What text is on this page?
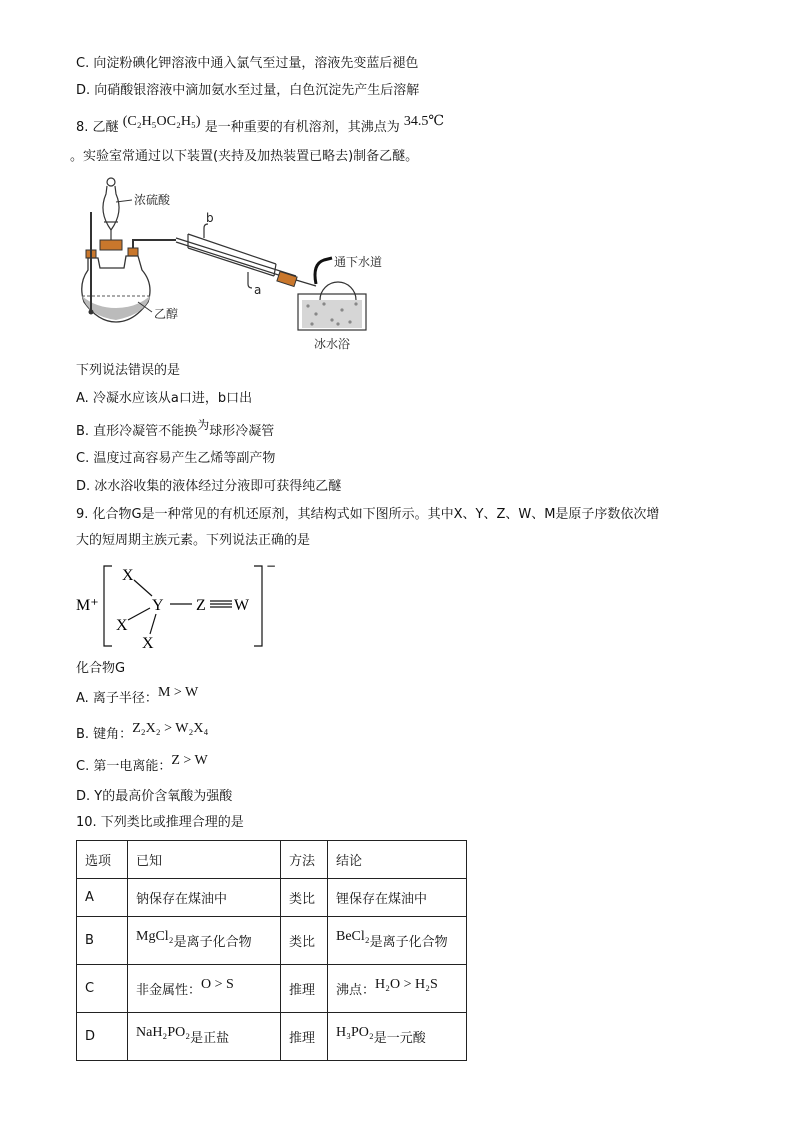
C. 向淀粉碘化钾溶液中通入氯气至过量，溶液先变蓝后褪色
D. 向硝酸银溶液中滴加氨水至过量，白色沉淀先产生后溶解
8. 乙醚 (C₂H₅OC₂H₅) 是一种重要的有机溶剂，其沸点为 34.5℃
。实验室常通过以下装置(夹持及加热装置已略去)制备乙醚。
浓硫酸
b
a
通下水道
乙醇
冰水浴
下列说法错误的是
A. 冷凝水应该从a口进，b口出
B. 直形冷凝管不能换为球形冷凝管
C. 温度过高容易产生乙烯等副产物
D. 冰水浴收集的液体经过分液即可获得纯乙醚
9. 化合物G是一种常见的有机还原剂，其结构式如下图所示。其中X、Y、Z、W、M是原子序数依次增
大的短周期主族元素。下列说法正确的是
M⁺
−
X
Y
X
X
Z W
化合物G
A. 离子半径：M > W
B. 键角：Z₂X₂ > W₂X₄
C. 第一电离能：Z > W
D. Y的最高价含氧酸为强酸
10. 下列类比或推理合理的是
选项	已知	方法	结论
A	钠保存在煤油中	类比	锂保存在煤油中
B	MgCl₂是离子化合物	类比	BeCl₂是离子化合物
C	非金属性：O > S	推理	沸点：H₂O > H₂S
D	NaH₂PO₂是正盐	推理	H₃PO₂是一元酸
